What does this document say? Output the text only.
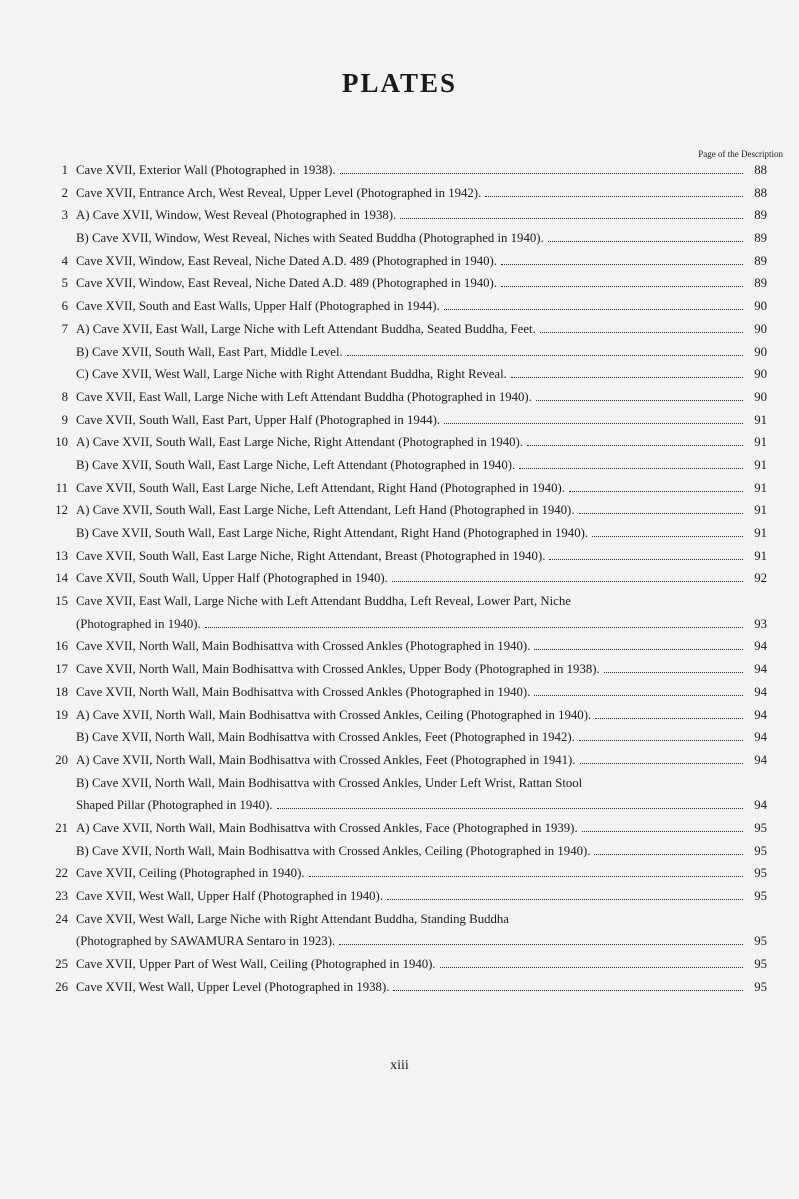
PLATES
Page of the Description
1 Cave XVII, Exterior Wall (Photographed in 1938).	88
2 Cave XVII, Entrance Arch, West Reveal, Upper Level (Photographed in 1942).	88
3 A) Cave XVII, Window, West Reveal (Photographed in 1938).	89
B) Cave XVII, Window, West Reveal, Niches with Seated Buddha (Photographed in 1940).	89
4 Cave XVII, Window, East Reveal, Niche Dated A.D. 489 (Photographed in 1940).	89
5 Cave XVII, Window, East Reveal, Niche Dated A.D. 489 (Photographed in 1940).	89
6 Cave XVII, South and East Walls, Upper Half (Photographed in 1944).	90
7 A) Cave XVII, East Wall, Large Niche with Left Attendant Buddha, Seated Buddha, Feet.	90
B) Cave XVII, South Wall, East Part, Middle Level.	90
C) Cave XVII, West Wall, Large Niche with Right Attendant Buddha, Right Reveal.	90
8 Cave XVII, East Wall, Large Niche with Left Attendant Buddha (Photographed in 1940).	90
9 Cave XVII, South Wall, East Part, Upper Half (Photographed in 1944).	91
10 A) Cave XVII, South Wall, East Large Niche, Right Attendant (Photographed in 1940).	91
B) Cave XVII, South Wall, East Large Niche, Left Attendant (Photographed in 1940).	91
11 Cave XVII, South Wall, East Large Niche, Left Attendant, Right Hand (Photographed in 1940).	91
12 A) Cave XVII, South Wall, East Large Niche, Left Attendant, Left Hand (Photographed in 1940).	91
B) Cave XVII, South Wall, East Large Niche, Right Attendant, Right Hand (Photographed in 1940).	91
13 Cave XVII, South Wall, East Large Niche, Right Attendant, Breast (Photographed in 1940).	91
14 Cave XVII, South Wall, Upper Half (Photographed in 1940).	92
15 Cave XVII, East Wall, Large Niche with Left Attendant Buddha, Left Reveal, Lower Part, Niche
(Photographed in 1940).	93
16 Cave XVII, North Wall, Main Bodhisattva with Crossed Ankles (Photographed in 1940).	94
17 Cave XVII, North Wall, Main Bodhisattva with Crossed Ankles, Upper Body (Photographed in 1938).	94
18 Cave XVII, North Wall, Main Bodhisattva with Crossed Ankles (Photographed in 1940).	94
19 A) Cave XVII, North Wall, Main Bodhisattva with Crossed Ankles, Ceiling (Photographed in 1940).	94
B) Cave XVII, North Wall, Main Bodhisattva with Crossed Ankles, Feet (Photographed in 1942).	94
20 A) Cave XVII, North Wall, Main Bodhisattva with Crossed Ankles, Feet (Photographed in 1941).	94
B) Cave XVII, North Wall, Main Bodhisattva with Crossed Ankles, Under Left Wrist, Rattan Stool
Shaped Pillar (Photographed in 1940).	94
21 A) Cave XVII, North Wall, Main Bodhisattva with Crossed Ankles, Face (Photographed in 1939).	95
B) Cave XVII, North Wall, Main Bodhisattva with Crossed Ankles, Ceiling (Photographed in 1940).	95
22 Cave XVII, Ceiling (Photographed in 1940).	95
23 Cave XVII, West Wall, Upper Half (Photographed in 1940).	95
24 Cave XVII, West Wall, Large Niche with Right Attendant Buddha, Standing Buddha
(Photographed by SAWAMURA Sentaro in 1923).	95
25 Cave XVII, Upper Part of West Wall, Ceiling (Photographed in 1940).	95
26 Cave XVII, West Wall, Upper Level (Photographed in 1938).	95
xiii
